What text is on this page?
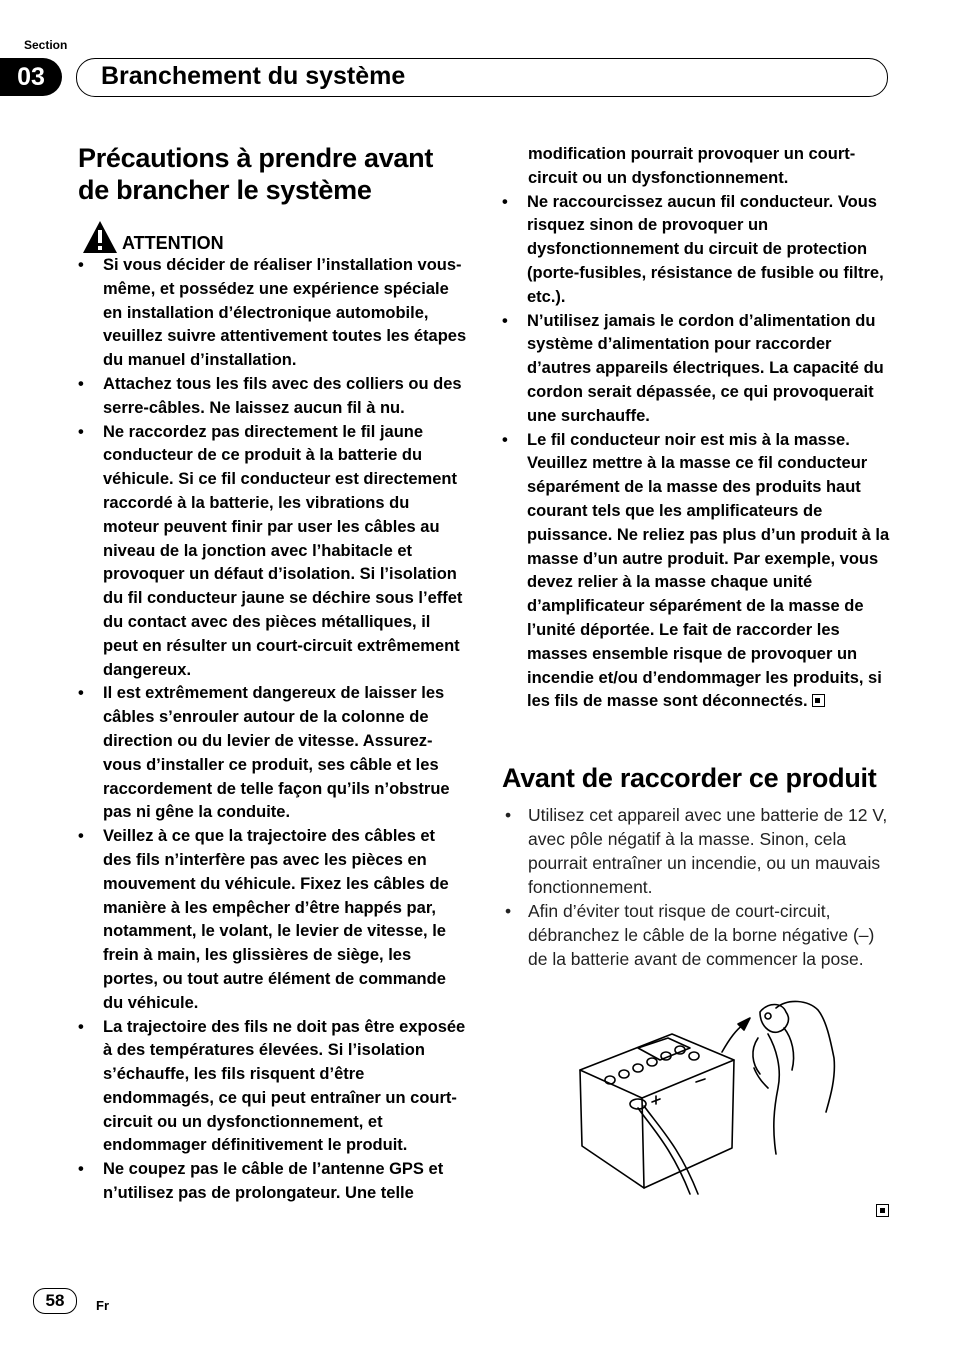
Section
03	Branchement du système
Précautions à prendre avant de brancher le système
ATTENTION
• Si vous décider de réaliser l’installation vous-même, et possédez une expérience spéciale en installation d’électronique automobile, veuillez suivre attentivement toutes les étapes du manuel d’installation.
• Attachez tous les fils avec des colliers ou des serre-câbles. Ne laissez aucun fil à nu.
• Ne raccordez pas directement le fil jaune conducteur de ce produit à la batterie du véhicule. Si ce fil conducteur est directement raccordé à la batterie, les vibrations du moteur peuvent finir par user les câbles au niveau de la jonction avec l’habitacle et provoquer un défaut d’isolation. Si l’isolation du fil conducteur jaune se déchire sous l’effet du contact avec des pièces métalliques, il peut en résulter un court-circuit extrêmement dangereux.
• Il est extrêmement dangereux de laisser les câbles s’enrouler autour de la colonne de direction ou du levier de vitesse. Assurez-vous d’installer ce produit, ses câble et les raccordement de telle façon qu’ils n’obstrue pas ni gêne la conduite.
• Veillez à ce que la trajectoire des câbles et des fils n’interfère pas avec les pièces en mouvement du véhicule. Fixez les câbles de manière à les empêcher d’être happés par, notamment, le volant, le levier de vitesse, le frein à main, les glissières de siège, les portes, ou tout autre élément de commande du véhicule.
• La trajectoire des fils ne doit pas être exposée à des températures élevées. Si l’isolation s’échauffe, les fils risquent d’être endommagés, ce qui peut entraîner un court-circuit ou un dysfonctionnement, et endommager définitivement le produit.
• Ne coupez pas le câble de l’antenne GPS et n’utilisez pas de prolongateur. Une telle
modification pourrait provoquer un court-circuit ou un dysfonctionnement.
• Ne raccourcissez aucun fil conducteur. Vous risquez sinon de provoquer un dysfonctionnement du circuit de protection (porte-fusibles, résistance de fusible ou filtre, etc.).
• N’utilisez jamais le cordon d’alimentation du système d’alimentation pour raccorder d’autres appareils électriques. La capacité du cordon serait dépassée, ce qui provoquerait une surchauffe.
• Le fil conducteur noir est mis à la masse. Veuillez mettre à la masse ce fil conducteur séparément de la masse des produits haut courant tels que les amplificateurs de puissance. Ne reliez pas plus d’un produit à la masse d’un autre produit. Par exemple, vous devez relier à la masse chaque unité d’amplificateur séparément de la masse de l’unité déportée. Le fait de raccorder les masses ensemble risque de provoquer un incendie et/ou d’endommager les produits, si les fils de masse sont déconnectés.
Avant de raccorder ce produit
• Utilisez cet appareil avec une batterie de 12 V, avec pôle négatif à la masse. Sinon, cela pourrait entraîner un incendie, ou un mauvais fonctionnement.
• Afin d’éviter tout risque de court-circuit, débranchez le câble de la borne négative (–) de la batterie avant de commencer la pose.
58	Fr
